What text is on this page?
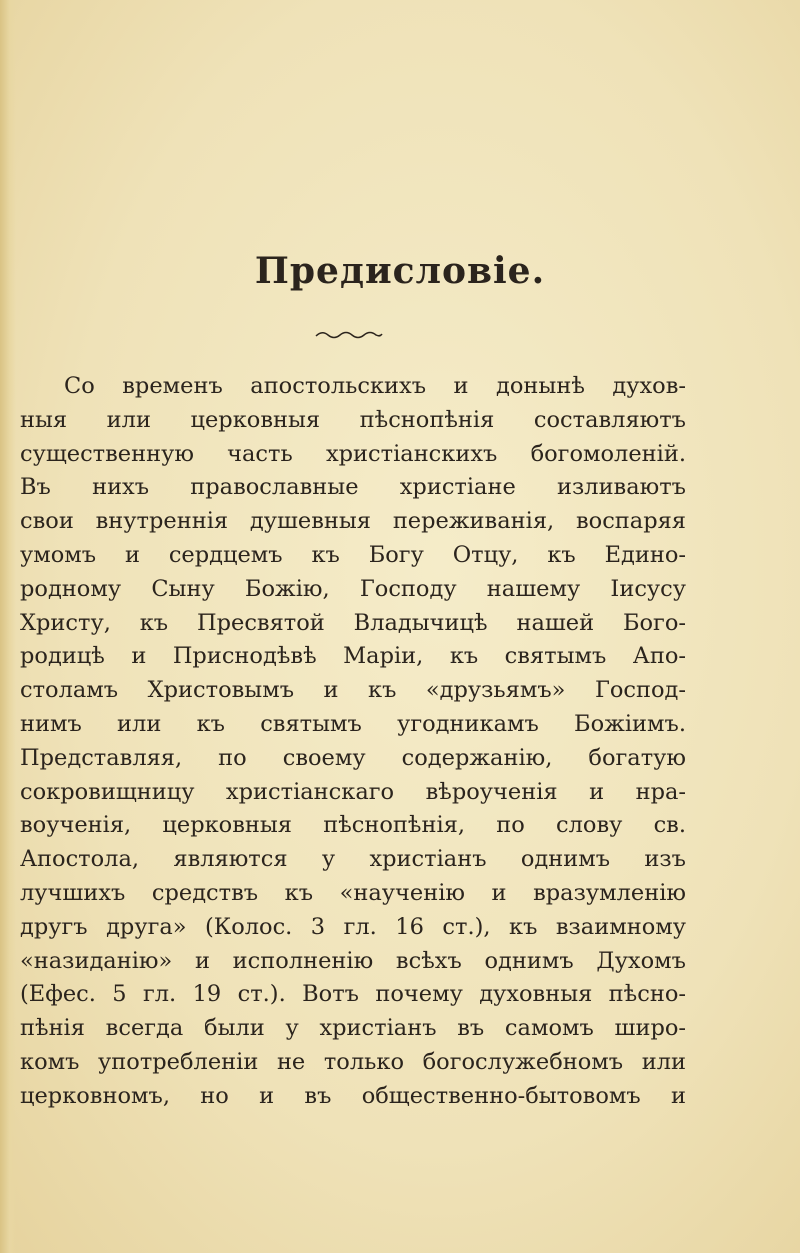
Предисловіе.
Со временъ апостольскихъ и донынѣ духов-
ныя или церковныя пѣснопѣнія составляютъ
существенную часть христіанскихъ богомоленій.
Въ нихъ православные христіане изливаютъ
свои внутреннія душевныя переживанія, воспаряя
умомъ и сердцемъ къ Богу Отцу, къ Едино-
родному Сыну Божію, Господу нашему Іисусу
Христу, къ Пресвятой Владычицѣ нашей Бого-
родицѣ и Приснодѣвѣ Маріи, къ святымъ Апо-
столамъ Христовымъ и къ «друзьямъ» Господ-
нимъ или къ святымъ угодникамъ Божіимъ.
Представляя, по своему содержанію, богатую
сокровищницу христіанскаго вѣроученія и нра-
воученія, церковныя пѣснопѣнія, по слову св.
Апостола, являются у христіанъ однимъ изъ
лучшихъ средствъ къ «наученію и вразумленію
другъ друга» (Колос. 3 гл. 16 ст.), къ взаимному
«назиданію» и исполненію всѣхъ однимъ Духомъ
(Ефес. 5 гл. 19 ст.). Вотъ почему духовныя пѣсно-
пѣнія всегда были у христіанъ въ самомъ широ-
комъ употребленіи не только богослужебномъ или
церковномъ, но и въ общественно-бытовомъ и
